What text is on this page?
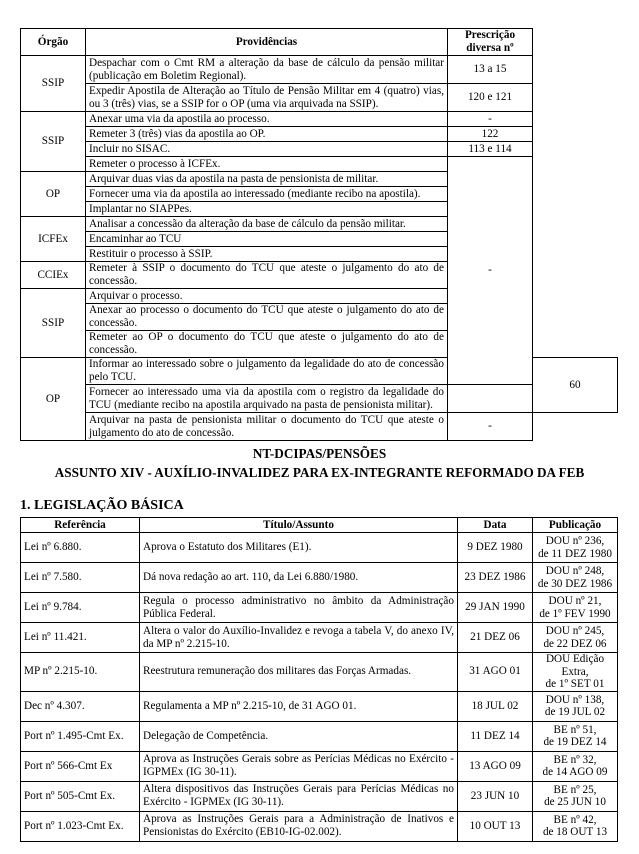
Órgão	Providências	Prescrição
diversa nº	

SSIP	Despachar com o Cmt RM a alteração da base de cálculo da pensão militar (publicação em Boletim Regional).	13 a 15	
	Expedir Apostila de Alteração ao Título de Pensão Militar em 4 (quatro) vias, ou 3 (três) vias, se a SSIP for o OP (uma via arquivada na SSIP).	120 e 121	
SSIP	Anexar uma via da apostila ao processo.	-	
	Remeter 3 (três) vias da apostila ao OP.	122	
	Incluir no SISAC.	113 e 114	
	Remeter o processo à ICFEx.	-	
OP	Arquivar duas vias da apostila na pasta de pensionista de militar.		
	Fornecer uma via da apostila ao interessado (mediante recibo na apostila).		
	Implantar no SIAPPes.		
ICFEx	Analisar a concessão da alteração da base de cálculo da pensão militar.		
	Encaminhar ao TCU		
	Restituir o processo à SSIP.		
CCIEx	Remeter à SSIP o documento do TCU que ateste o julgamento do ato de concessão.		
SSIP	Arquivar o processo.		
	Anexar ao processo o documento do TCU que ateste o julgamento do ato de concessão.		
	Remeter ao OP o documento do TCU que ateste o julgamento do ato de concessão.		
OP	Informar ao interessado sobre o julgamento da legalidade do ato de concessão pelo TCU.		60
	Fornecer ao interessado uma via da apostila com o registro da legalidade do TCU (mediante recibo na apostila arquivado na pasta de pensionista militar).		
	Arquivar na pasta de pensionista militar o documento do TCU que ateste o julgamento do ato de concessão.	-	
NT-DCIPAS/PENSÕES
ASSUNTO XIV - AUXÍLIO-INVALIDEZ PARA EX-INTEGRANTE REFORMADO DA FEB
1. LEGISLAÇÃO BÁSICA
Referência	Título/Assunto	Data	Publicação
Lei nº 6.880.	Aprova o Estatuto dos Militares (E1).	9 DEZ 1980	DOU nº 236,
de 11 DEZ 1980

Lei nº 7.580.	Dá nova redação ao art. 110, da Lei 6.880/1980.	23 DEZ 1986	DOU nº 248,
de 30 DEZ 1986

Lei nº 9.784.	Regula o processo administrativo no âmbito da Administração Pública Federal.	29 JAN 1990	DOU nº 21,
de 1º FEV 1990

Lei nº 11.421.	Altera o valor do Auxílio-Invalidez e revoga a tabela V, do anexo IV, da MP nº 2.215-10.	21 DEZ 06	DOU nº 245,
de 22 DEZ 06

MP nº 2.215-10.	Reestrutura remuneração dos militares das Forças Armadas.	31 AGO 01	DOU Edição Extra,
de 1º SET 01

Dec nº 4.307.	Regulamenta a MP nº 2.215-10, de 31 AGO 01.	18 JUL 02	DOU nº 138,
de 19 JUL 02

Port nº 1.495-Cmt Ex.	Delegação de Competência.	11 DEZ 14	BE nº 51,
de 19 DEZ 14

Port nº 566-Cmt Ex	Aprova as Instruções Gerais sobre as Perícias Médicas no Exército - IGPMEx (IG 30-11).	13 AGO 09	BE nº 32,
de 14 AGO 09

Port nº 505-Cmt Ex.	Altera dispositivos das Instruções Gerais para Perícias Médicas no Exército - IGPMEx (IG 30-11).	23 JUN 10	BE nº 25,
de 25 JUN 10

Port nº 1.023-Cmt Ex.	Aprova as Instruções Gerais para a Administração de Inativos e Pensionistas do Exército (EB10-IG-02.002).	10 OUT 13	BE nº 42,
de 18 OUT 13
